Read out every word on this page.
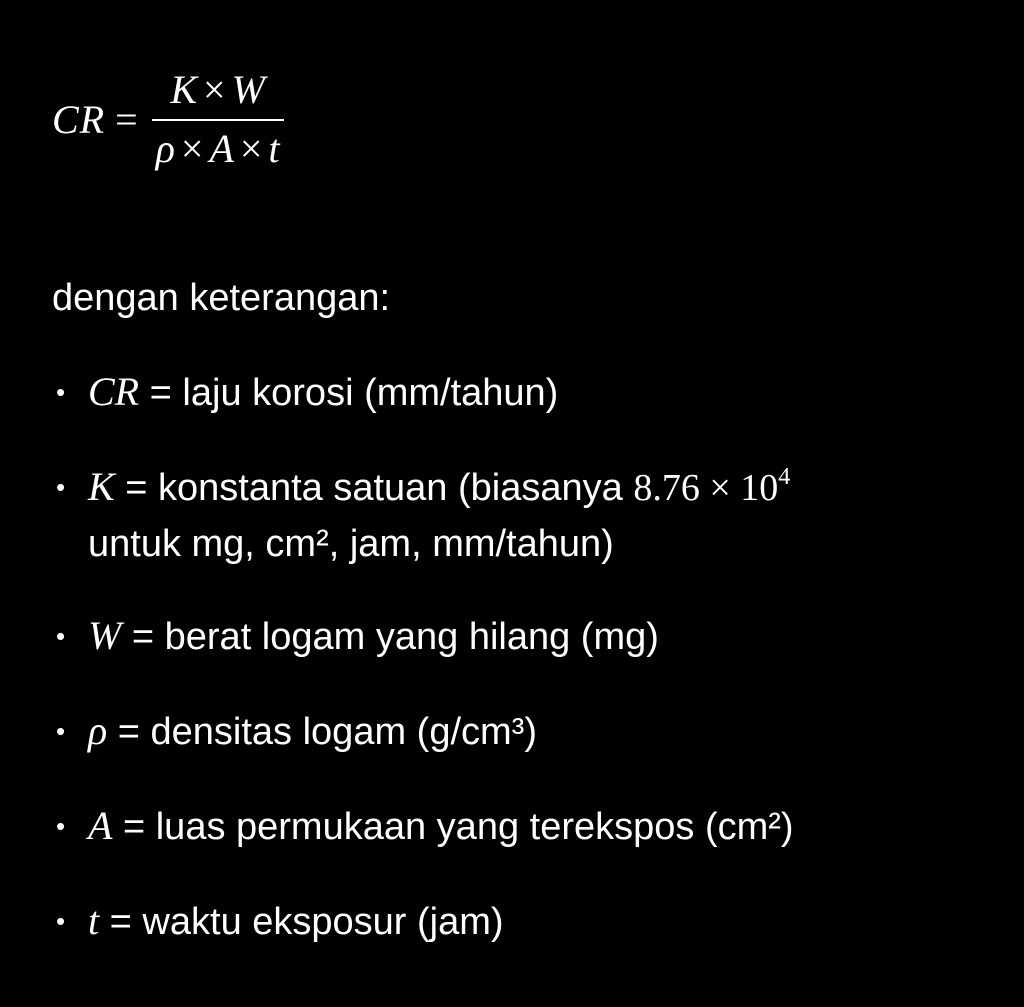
CR = $\frac{K \times W}{\rho \times A \times t}$
dengan keterangan:
• CR = laju korosi (mm/tahun)
• K = konstanta satuan (biasanya $8.76 \times 10^4$
untuk mg, cm², jam, mm/tahun)
• W = berat logam yang hilang (mg)
• ρ = densitas logam (g/cm³)
• A = luas permukaan yang terekspos (cm²)
• t = waktu eksposur (jam)
